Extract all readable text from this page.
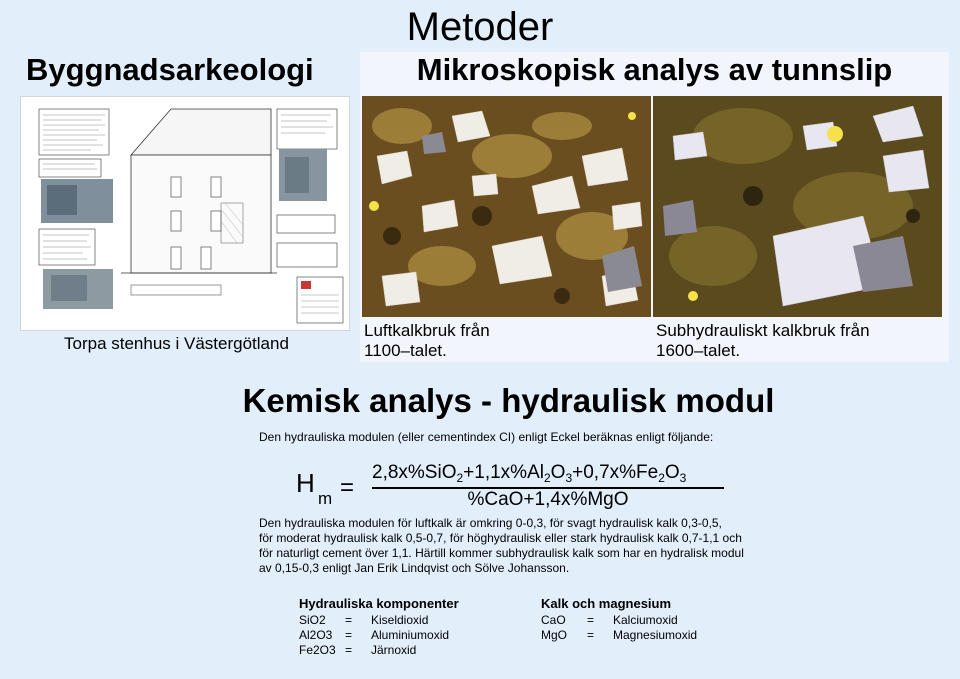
Metoder
Byggnadsarkeologi	Mikroskopisk analys av tunnslip
Torpa stenhus i Västergötland
Luftkalkbruk från
1100–talet.
Subhydrauliskt kalkbruk från
1600–talet.
Kemisk analys - hydraulisk modul
Den hydrauliska modulen (eller cementindex CI) enligt Eckel beräknas enligt följande:
H
m =
$2,8x\%SiO_2+1,1x\%Al_2O_3+0,7x\%Fe_2O_3$
%CaO+1,4x%MgO
Den hydrauliska modulen för luftkalk är omkring 0-0,3, för svagt hydraulisk kalk 0,3-0,5,
för moderat hydraulisk kalk 0,5-0,7, för höghydraulisk eller stark hydraulisk kalk 0,7-1,1 och
för naturligt cement över 1,1. Härtill kommer subhydraulisk kalk som har en hydralisk modul
av 0,15-0,3 enligt Jan Erik Lindqvist och Sölve Johansson.
Hydrauliska komponenter
SiO2 = Kiseldioxid
Al2O3 = Aluminiumoxid
Fe2O3 = Järnoxid
Kalk och magnesium
CaO = Kalciumoxid
MgO = Magnesiumoxid
